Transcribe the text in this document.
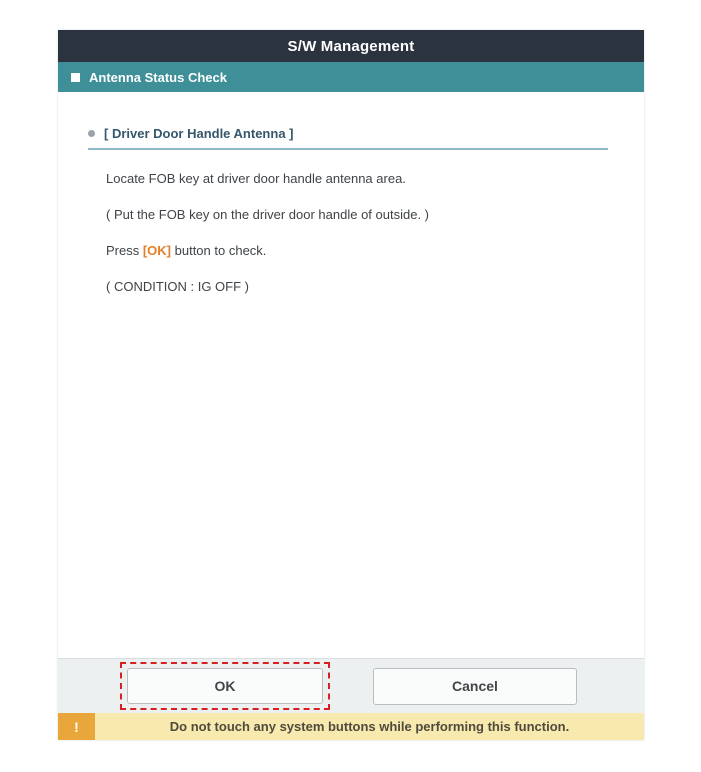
S/W Management
Antenna Status Check
[ Driver Door Handle Antenna ]

Locate FOB key at driver door handle antenna area.

( Put the FOB key on the driver door handle of outside. )

Press [OK] button to check.

( CONDITION : IG OFF )

OK	Cancel
!	Do not touch any system buttons while performing this function.
